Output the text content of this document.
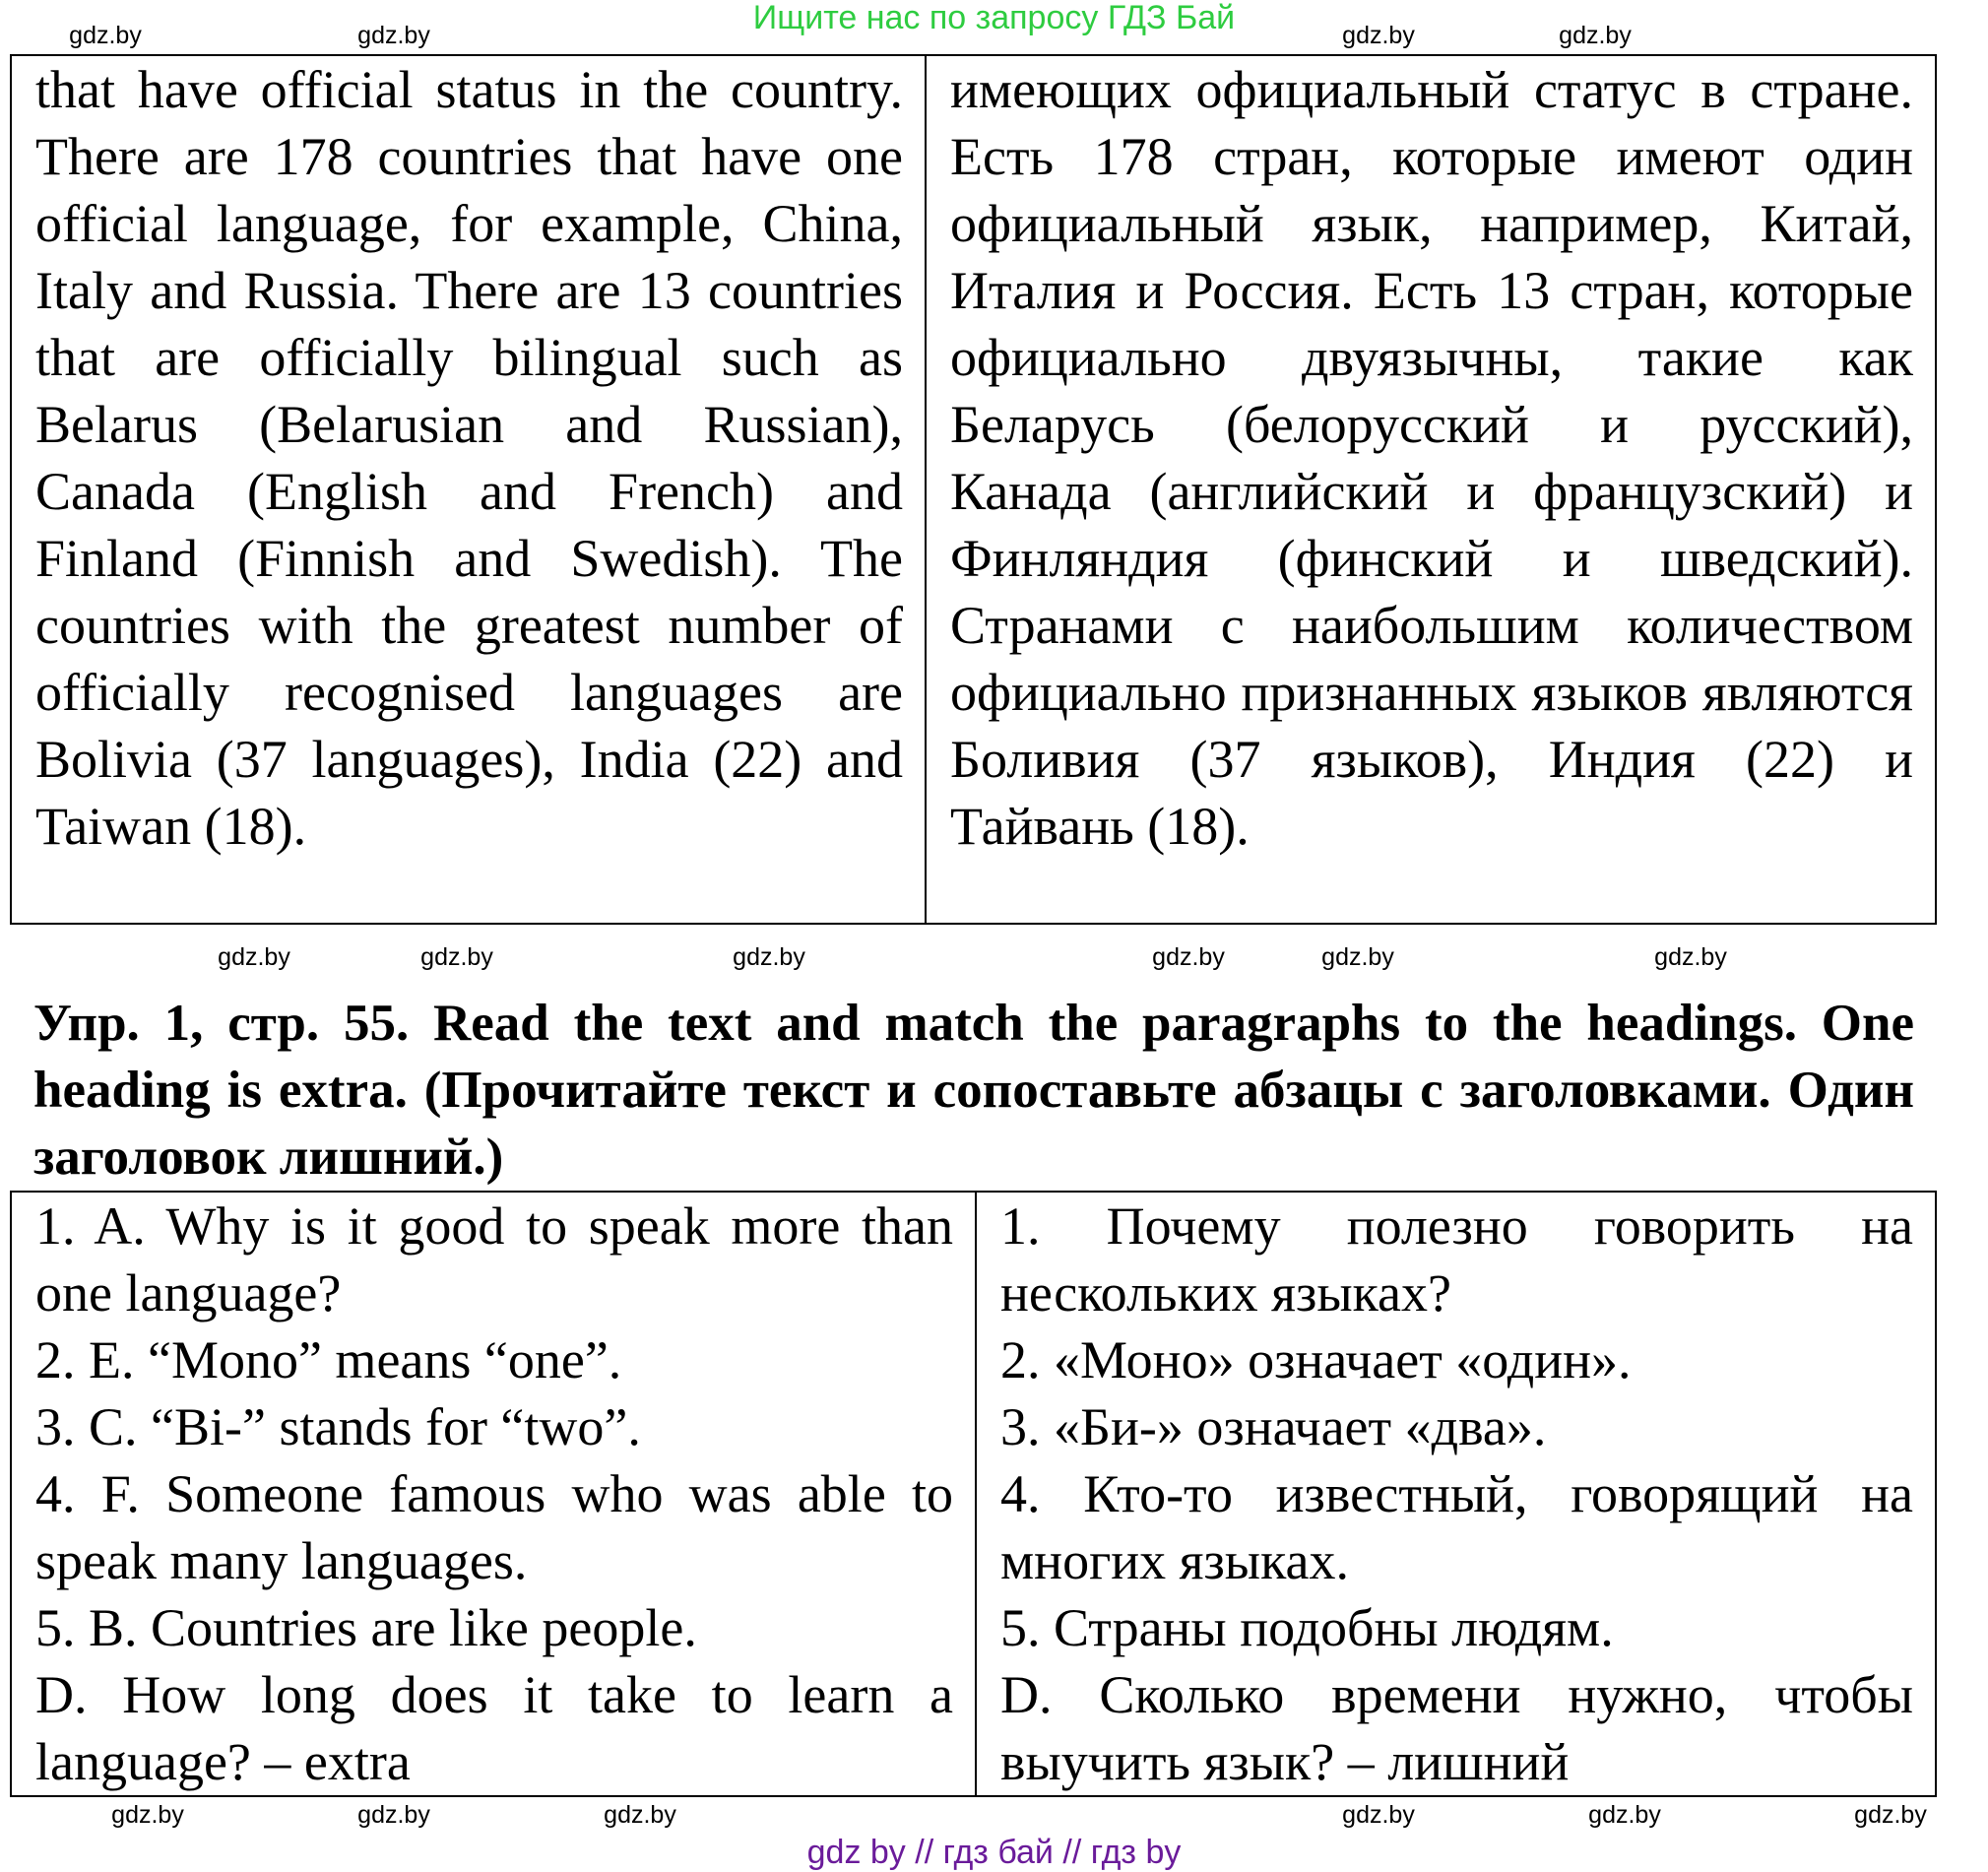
Ищите нас по запросу ГДЗ Бай
gdz.by	gdz.by	gdz.by	gdz.by
that have official status in the country. There are 178 countries that have one official language, for example, China, Italy and Russia. There are 13 countries that are officially bilingual such as Belarus (Belarusian and Russian), Canada (English and French) and Finland (Finnish and Swedish). The countries with the greatest number of officially recognised languages are Bolivia (37 languages), India (22) and Taiwan (18).
имеющих официальный статус в стране. Есть 178 стран, которые имеют один официальный язык, например, Китай, Италия и Россия. Есть 13 стран, которые официально двуязычны, такие как Беларусь (белорусский и русский), Канада (английский и французский) и Финляндия (финский и шведский). Странами с наибольшим количеством официально признанных языков являются Боливия (37 языков), Индия (22) и Тайвань (18).
gdz.by	gdz.by	gdz.by	gdz.by	gdz.by	gdz.by
Упр. 1, стр. 55. Read the text and match the paragraphs to the headings. One heading is extra. (Прочитайте текст и сопоставьте абзацы с заголовками. Один заголовок лишний.)
1. A. Why is it good to speak more than one language?
2. E. “Mono” means “one”.
3. C. “Bi-” stands for “two”.
4. F. Someone famous who was able to speak many languages.
5. B. Countries are like people.
D. How long does it take to learn a language? – extra
1. Почему полезно говорить на нескольких языках?
2. «Моно» означает «один».
3. «Би-» означает «два».
4. Кто-то известный, говорящий на многих языках.
5. Страны подобны людям.
D. Сколько времени нужно, чтобы выучить язык? – лишний
gdz.by	gdz.by	gdz.by	gdz.by	gdz.by	gdz.by
gdz by // гдз бай // гдз by
